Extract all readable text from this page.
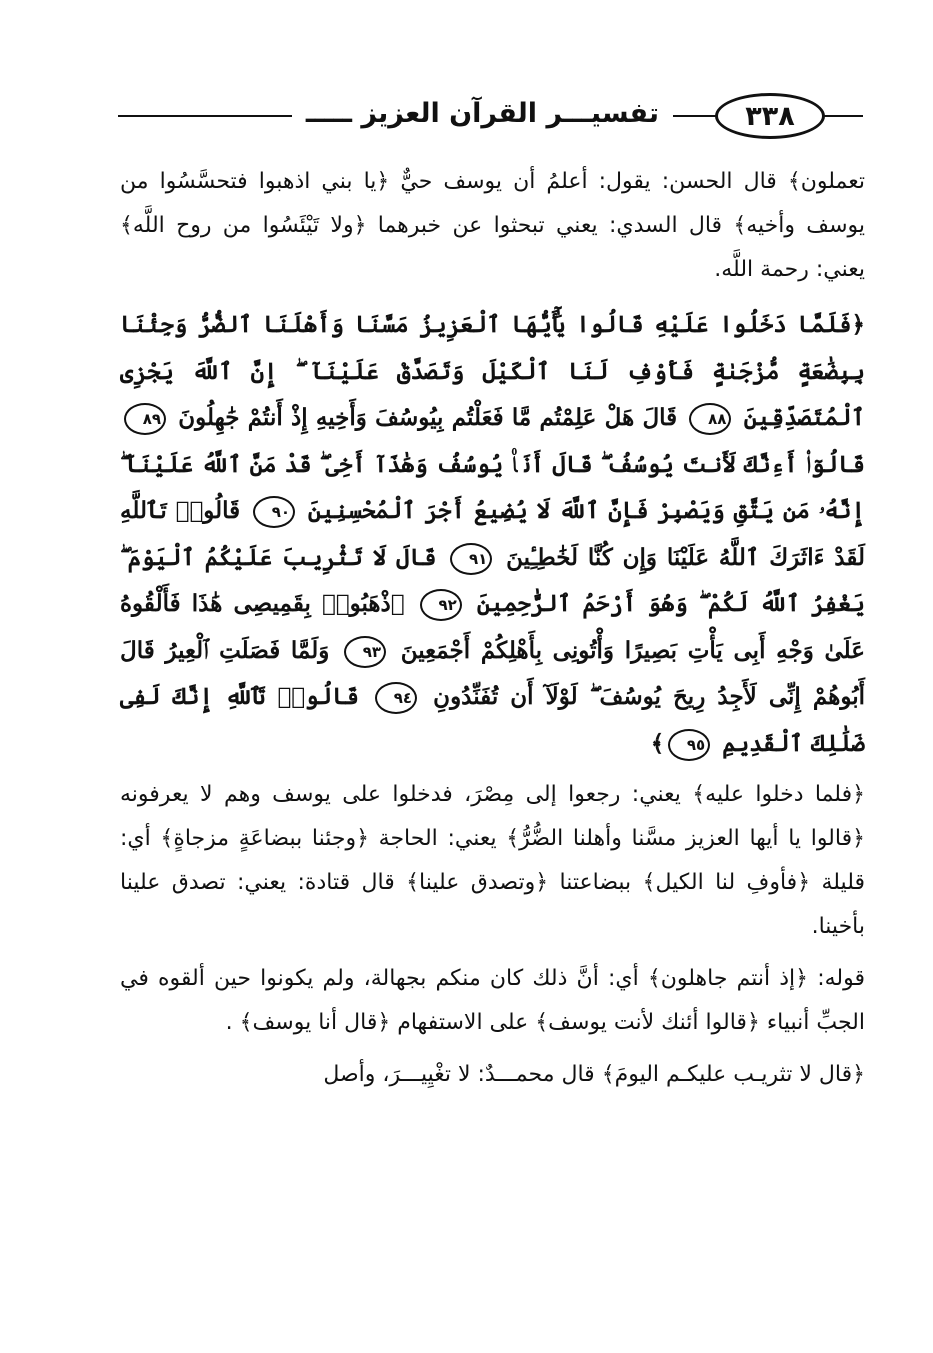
٣٣٨
تفسيـــر القرآن العزيز ـــــ

تعملون﴾ قال الحسن: يقول: أعلمُ أن يوسف حيٌّ ﴿يا بني اذهبوا فتحسَّسُوا من يوسف وأخيه﴾ قال السدي: يعني تبحثوا عن خبرهما ﴿ولا تَيْئَسُوا من روح اللَّه﴾ يعني: رحمة اللَّه.

﴿فَلَمَّا دَخَلُوا عَلَيْهِ قَالُوا يَٰٓأَيُّهَا ٱلْعَزِيزُ مَسَّنَا وَأَهْلَنَا ٱلضُّرُّ وَجِئْنَا بِبِضَٰعَةٍ مُّزْجَىٰةٍ فَأَوْفِ لَنَا ٱلْكَيْلَ وَتَصَدَّقْ عَلَيْنَآ ۖ إِنَّ ٱللَّهَ يَجْزِى ٱلْمُتَصَدِّقِينَ ٨٨ قَالَ هَلْ عَلِمْتُم مَّا فَعَلْتُم بِيُوسُفَ وَأَخِيهِ إِذْ أَنتُمْ جَٰهِلُونَ ٨٩ قَالُوٓا۟ أَءِنَّكَ لَأَنتَ يُوسُفُ ۖ قَالَ أَنَا۠ يُوسُفُ وَهَٰذَآ أَخِى ۖ قَدْ مَنَّ ٱللَّهُ عَلَيْنَآ ۖ إِنَّهُۥ مَن يَتَّقِ وَيَصْبِرْ فَإِنَّ ٱللَّهَ لَا يُضِيعُ أَجْرَ ٱلْمُحْسِنِينَ ٩٠ قَالُوا۟ تَٱللَّهِ لَقَدْ ءَاثَرَكَ ٱللَّهُ عَلَيْنَا وَإِن كُنَّا لَخَٰطِـِٔينَ ٩١ قَالَ لَا تَثْرِيبَ عَلَيْكُمُ ٱلْيَوْمَ ۖ يَغْفِرُ ٱللَّهُ لَكُمْ ۖ وَهُوَ أَرْحَمُ ٱلرَّٰحِمِينَ ٩٢ ٱذْهَبُوا۟ بِقَمِيصِى هَٰذَا فَأَلْقُوهُ عَلَىٰ وَجْهِ أَبِى يَأْتِ بَصِيرًا وَأْتُونِى بِأَهْلِكُمْ أَجْمَعِينَ ٩٣ وَلَمَّا فَصَلَتِ ٱلْعِيرُ قَالَ أَبُوهُمْ إِنِّى لَأَجِدُ رِيحَ يُوسُفَ ۖ لَوْلَآ أَن تُفَنِّدُونِ ٩٤ قَالُوا۟ تَٱللَّهِ إِنَّكَ لَفِى ضَلَٰلِكَ ٱلْقَدِيمِ ٩٥﴾

﴿فلما دخلوا عليه﴾ يعني: رجعوا إلى مِصْرَ، فدخلوا على يوسف وهم لا يعرفونه ﴿قالوا يا أيها العزيز مسَّنا وأهلنا الضُّرُّ﴾ يعني: الحاجة ﴿وجئنا ببضاعَةٍ مزجاةٍ﴾ أي: قليلة ﴿فأوفِ لنا الكيل﴾ ببضاعتنا ﴿وتصدق علينا﴾ قال قتادة: يعني: تصدق علينا بأخينا.

قوله: ﴿إذ أنتم جاهلون﴾ أي: أنَّ ذلك كان منكم بجهالة، ولم يكونوا حين ألقوه في الجبِّ أنبياء ﴿قالوا أئنك لأنت يوسف﴾ على الاستفهام ﴿قال أنا يوسف﴾ .

﴿قال لا تثريـب عليكـم اليومَ﴾ قال محمـــدٌ: لا تغْيِيـــرَ، وأصل
